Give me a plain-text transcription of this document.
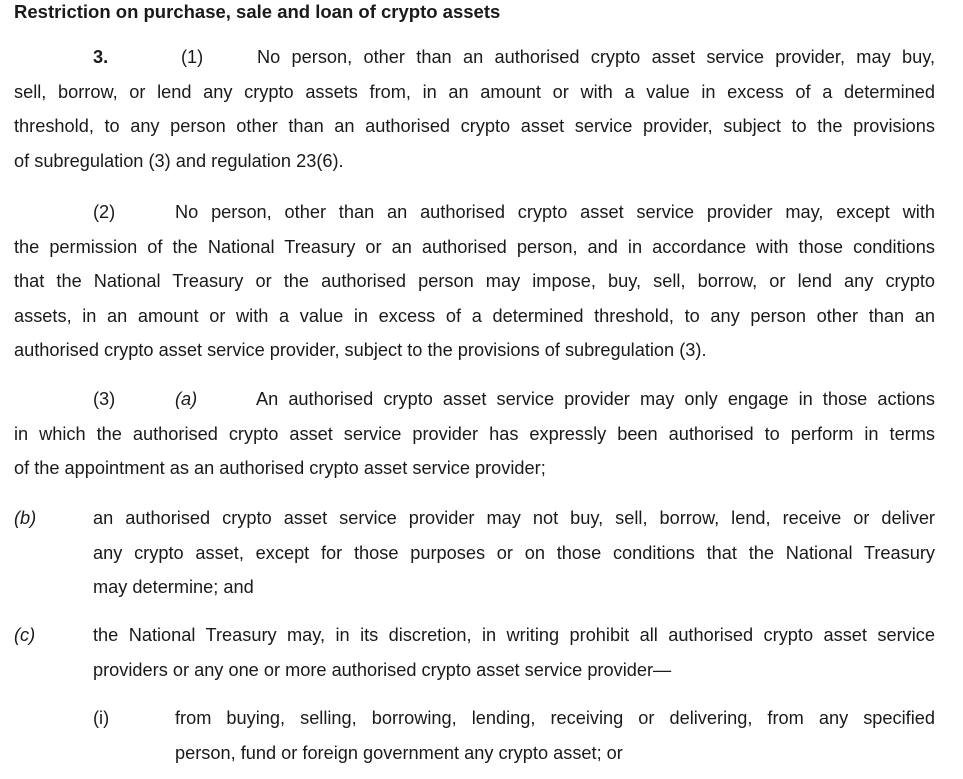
Restriction on purchase, sale and loan of crypto assets
3.	(1)	No person, other than an authorised crypto asset service provider, may buy,
sell, borrow, or lend any crypto assets from, in an amount or with a value in excess of a determined
threshold, to any person other than an authorised crypto asset service provider, subject to the provisions
of subregulation (3) and regulation 23(6).
(2)	No person, other than an authorised crypto asset service provider may, except with
the permission of the National Treasury or an authorised person, and in accordance with those conditions
that the National Treasury or the authorised person may impose, buy, sell, borrow, or lend any crypto
assets, in an amount or with a value in excess of a determined threshold, to any person other than an
authorised crypto asset service provider, subject to the provisions of subregulation (3).
(3)	(a)	An authorised crypto asset service provider may only engage in those actions
in which the authorised crypto asset service provider has expressly been authorised to perform in terms
of the appointment as an authorised crypto asset service provider;
(b)	an authorised crypto asset service provider may not buy, sell, borrow, lend, receive or deliver
any crypto asset, except for those purposes or on those conditions that the National Treasury
may determine; and
(c)	the National Treasury may, in its discretion, in writing prohibit all authorised crypto asset service
providers or any one or more authorised crypto asset service provider—
(i)	from buying, selling, borrowing, lending, receiving or delivering, from any specified
person, fund or foreign government any crypto asset; or
